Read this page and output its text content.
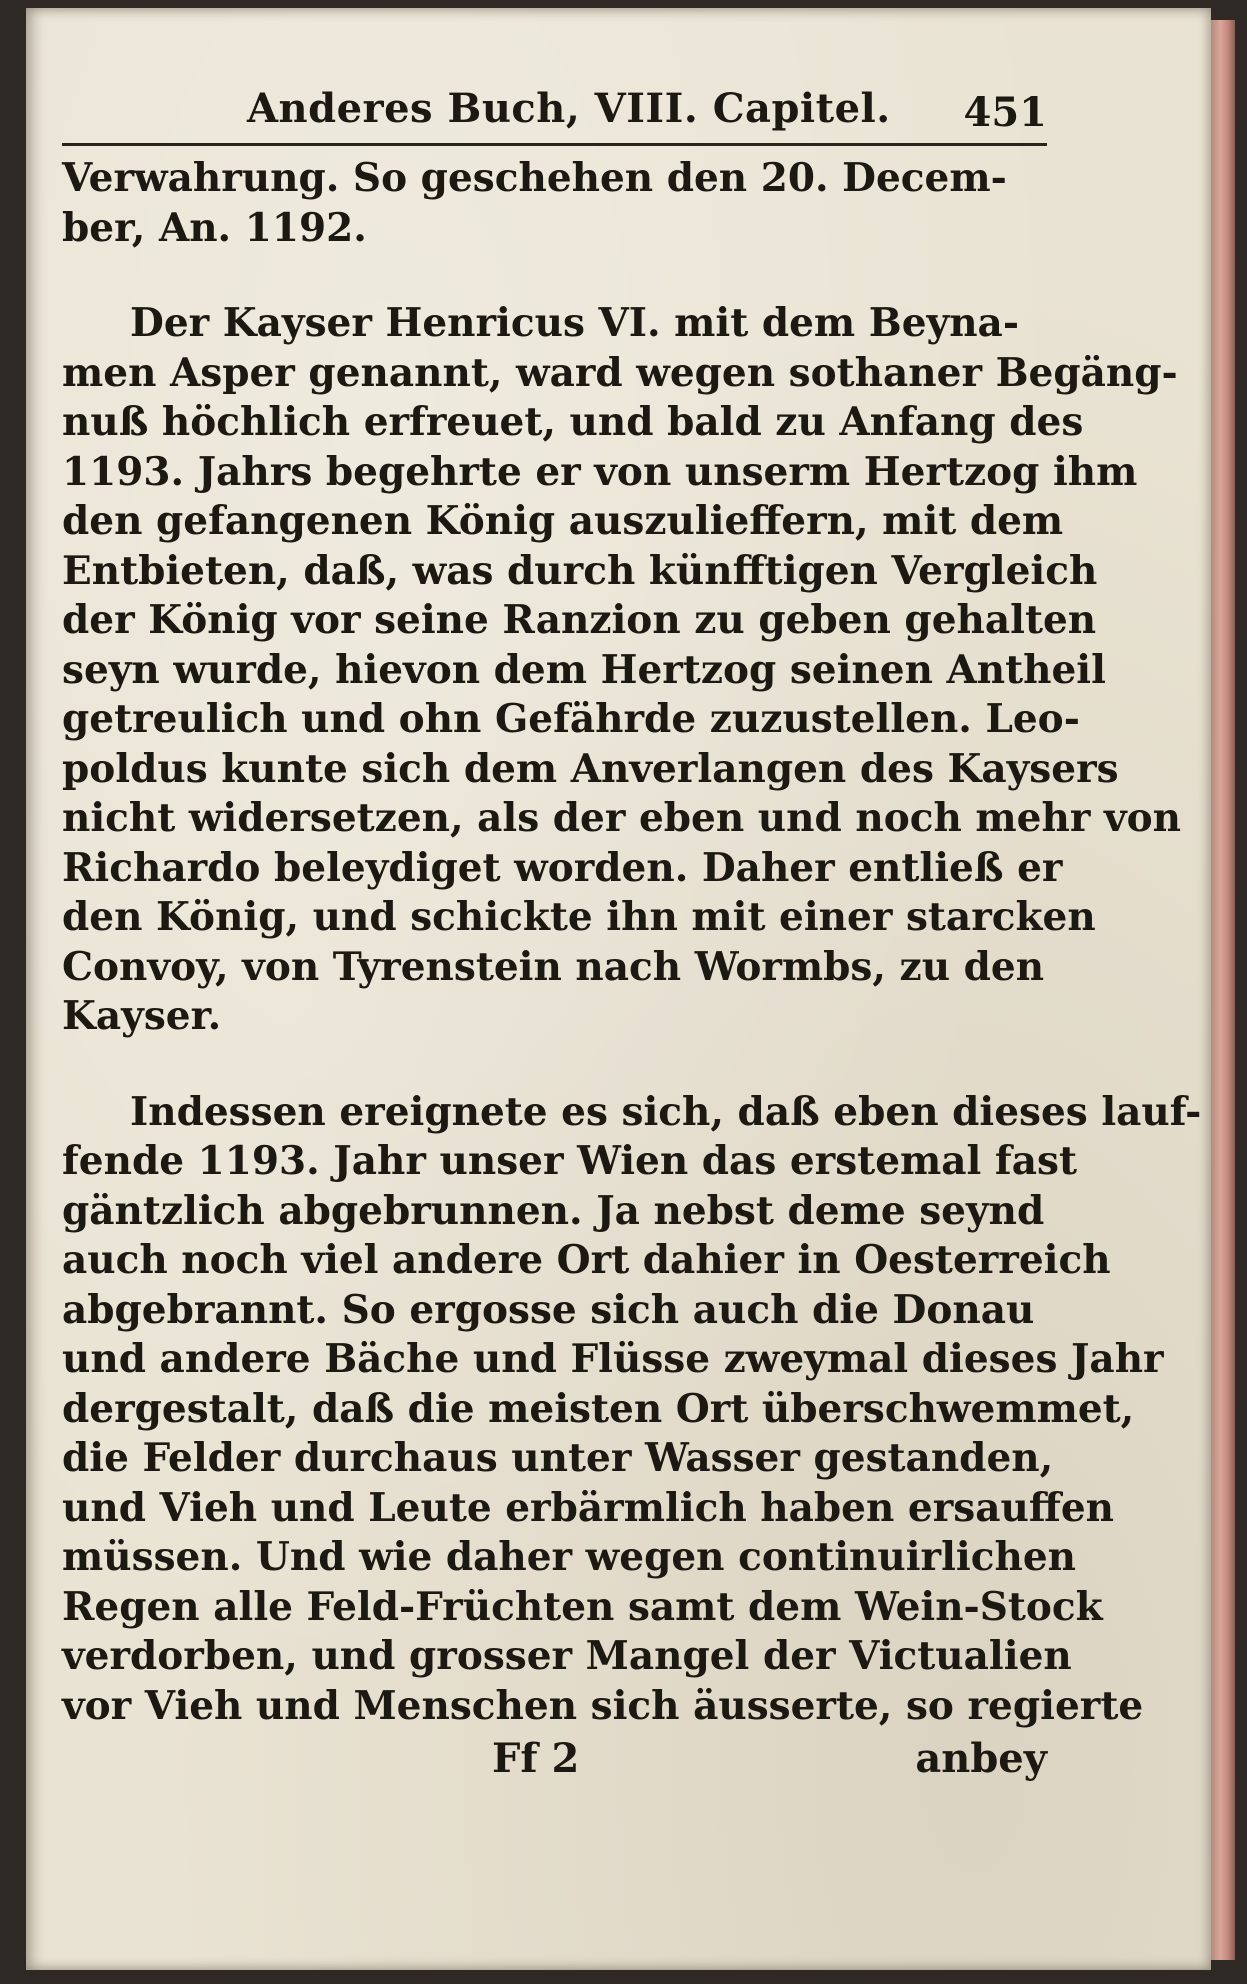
Anderes Buch, VIII. Capitel. 451

Verwahrung. So geschehen den 20. Decem-
ber, An. 1192.

Der Kayser Henricus VI. mit dem Beyna-
men Asper genannt, ward wegen sothaner Begäng-
nuß höchlich erfreuet, und bald zu Anfang des
1193. Jahrs begehrte er von unserm Hertzog ihm
den gefangenen König auszulieffern, mit dem
Entbieten, daß, was durch künfftigen Vergleich
der König vor seine Ranzion zu geben gehalten
seyn wurde, hievon dem Hertzog seinen Antheil
getreulich und ohn Gefährde zuzustellen. Leo-
poldus kunte sich dem Anverlangen des Kaysers
nicht widersetzen, als der eben und noch mehr von
Richardo beleydiget worden. Daher entließ er
den König, und schickte ihn mit einer starcken
Convoy, von Tyrenstein nach Wormbs, zu den
Kayser.

Indessen ereignete es sich, daß eben dieses lauf-
fende 1193. Jahr unser Wien das erstemal fast
gäntzlich abgebrunnen. Ja nebst deme seynd
auch noch viel andere Ort dahier in Oesterreich
abgebrannt. So ergosse sich auch die Donau
und andere Bäche und Flüsse zweymal dieses Jahr
dergestalt, daß die meisten Ort überschwemmet,
die Felder durchaus unter Wasser gestanden,
und Vieh und Leute erbärmlich haben ersauffen
müssen. Und wie daher wegen continuirlichen
Regen alle Feld-Früchten samt dem Wein-Stock
verdorben, und grosser Mangel der Victualien
vor Vieh und Menschen sich äusserte, so regierte

Ff 2	anbey
